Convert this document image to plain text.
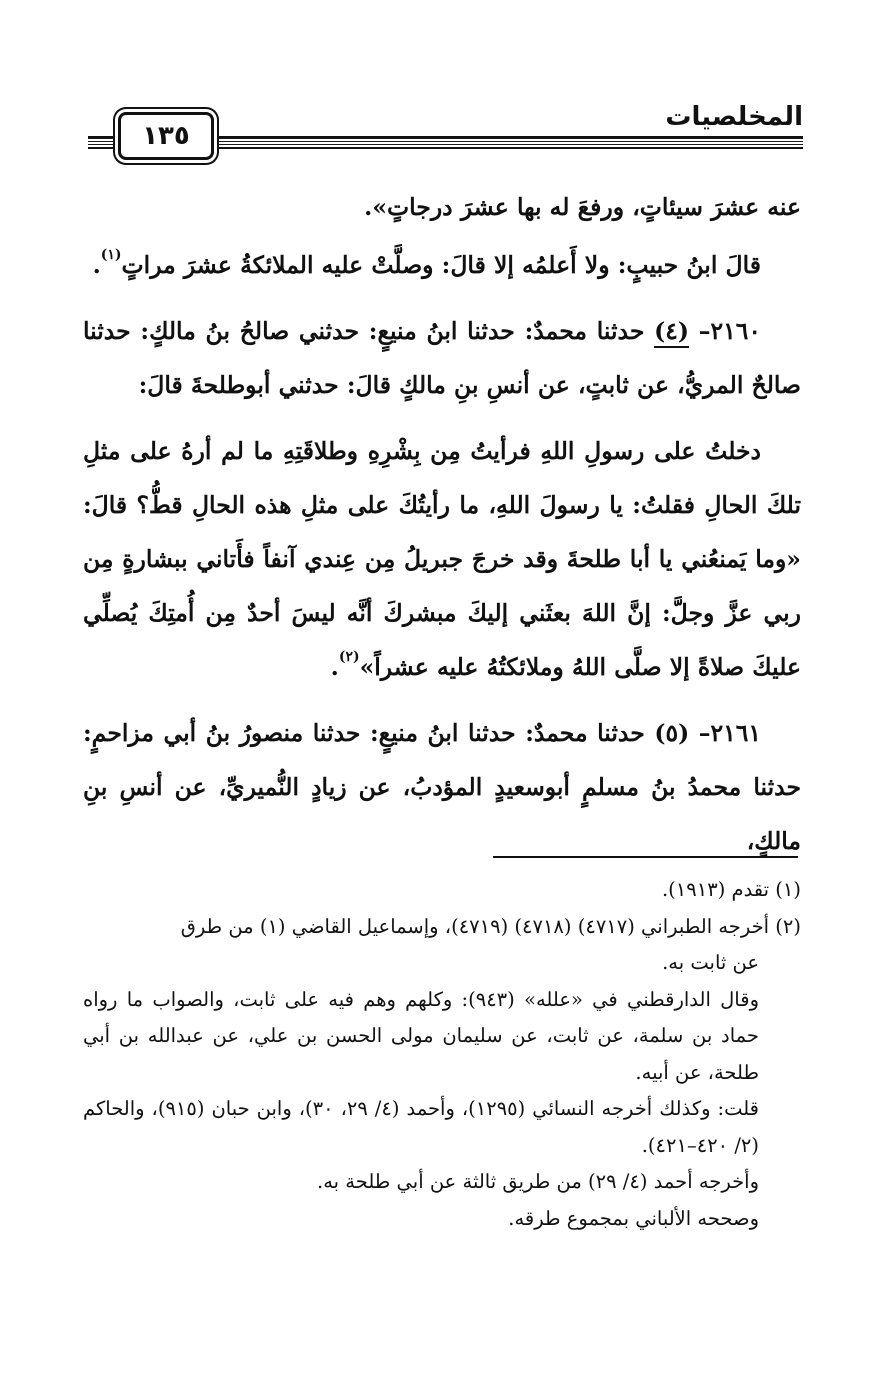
المخلصيات
١٣٥

عنه عشرَ سيئاتٍ، ورفعَ له بها عشرَ درجاتٍ».

قالَ ابنُ حبيبٍ: ولا أَعلمُه إلا قالَ: وصلَّتْ عليه الملائكةُ عشرَ مراتٍ$^{(١)}$.

٢١٦٠– (٤) حدثنا محمدٌ: حدثنا ابنُ منيعٍ: حدثني صالحُ بنُ مالكٍ: حدثنا صالحٌ المريُّ، عن ثابتٍ، عن أنسِ بنِ مالكٍ قالَ: حدثني أبوطلحةَ قالَ:

دخلتُ على رسولِ اللهِ فرأيتُ مِن بِشْرِهِ وطلاقَتِهِ ما لم أرهُ على مثلِ تلكَ الحالِ فقلتُ: يا رسولَ اللهِ، ما رأيتُكَ على مثلِ هذه الحالِ قطُّ؟ قالَ: «وما يَمنعُني يا أبا طلحةَ وقد خرجَ جبريلُ مِن عِندي آنفاً فأَتاني ببشارةٍ مِن ربي عزَّ وجلَّ: إنَّ اللهَ بعثَني إليكَ مبشركَ أنَّه ليسَ أحدٌ مِن أُمتِكَ يُصلِّي عليكَ صلاةً إلا صلَّى اللهُ وملائكتُهُ عليه عشراً»$^{(٢)}$.

٢١٦١– (٥) حدثنا محمدٌ: حدثنا ابنُ منيعٍ: حدثنا منصورُ بنُ أبي مزاحمٍ: حدثنا محمدُ بنُ مسلمٍ أبوسعيدٍ المؤدبُ، عن زيادٍ النُّميريِّ، عن أنسِ بنِ مالكٍ،

(١) تقدم (١٩١٣).

(٢) أخرجه الطبراني (٤٧١٧) (٤٧١٨) (٤٧١٩)، وإسماعيل القاضي (١) من طرق

عن ثابت به.

وقال الدارقطني في «علله» (٩٤٣): وكلهم وهم فيه على ثابت، والصواب ما رواه حماد بن سلمة، عن ثابت، عن سليمان مولى الحسن بن علي، عن عبدالله بن أبي طلحة، عن أبيه.

قلت: وكذلك أخرجه النسائي (١٢٩٥)، وأحمد (٤/ ٢٩، ٣٠)، وابن حبان (٩١٥)، والحاكم (٢/ ٤٢٠–٤٢١).

وأخرجه أحمد (٤/ ٢٩) من طريق ثالثة عن أبي طلحة به.

وصححه الألباني بمجموع طرقه.
